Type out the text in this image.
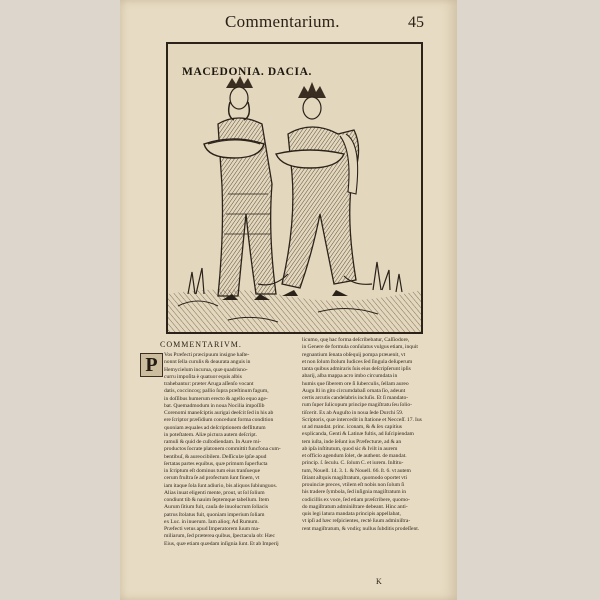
Commentarium.	45
MACEDONIA. DACIA.
COMMENTARIVM.
P	Vos Præfecti præcipuum insigne haſte-

nonnt ſella curulis & deaurata anguis in

Hemycielum incurua, quæ quadrisno-

curru impoſita è quatuor equis albis

trahebantur: præter Aruga aſſenſo vocant

datis, coccincoq; pallio ſupra præſtinum fagum,

in doſſibus humerum erecto & agello equo age-

bat. Quemadmodum in noua Nocilia impoſſib

Corenomi maneſciptis aurigai deeſcit ſed in his ab

ere ſcriptor præſidium concedunt forma condition

quoniam æquales ad deſcriptionem defſitutum

in poteſtatem. Aliæ pictura autem deſcript.

ramuli & quid de cuſtodiendam. In Aure mi-

productos ſocrate platonem committit funcfona cum-

bentibuſ, & aureocibilem. Deſſiculæ ipſæ apud

ſertatas partes equibus, quæ primum ſuperfucta

in ſcriptum eſt dominus tum eius tranſueque

cerum fruſtra ſe ad profectum ſunt finem, vt

iam itaque ſola ſunt adiurio, bis aliquos ſubiunguos.

Alias inuat eligenti mente, prout, ut ſol ſolium

condiunt tib & nauim ſeptemque tabellum. Item

Aurum ſitium fuit, cauſa de inuolucrum ſoliacis

patrus ſtolatus fuit, quoniam imperium ſoliam

ex Luc. in inuerum. Iam alioq; Ad Rumum.

Præfecti vetus apud Imperatorem ſuum ma-

miliarum, ſed præterea quibus, ſpectacula ob: Hæc

Eius, quæ etiam quædam inſignia ſunt. Et ab Imperij

licumo, quę hac forma deſcribebatur, Caſſiodore,

in Genere de formula conſulatus vulgus etiam, inquit

regnantium ſenata obſequij pompa præuenit, vt

et non ſolum ſtolum Iudices ſed ſingula deſuperum

tanta quibus admiraris ſuis eius deſcripſerunt ipſis

abarij, alba mappa acro imbo circumdata in

humis que ſiberem ore ſi ſuberculis, ſellam aureo

Augu ſti in gito circumdabaſi ornata ſio, adeunt

certis arcutis candelabris incluſis. Et ſi mandato-

rum ſuper ſulicopum principe magiſtratu ſeu ſolio-

tiſcerit. Ex ab Auguſto in noua ſede Durchi 59.

Scriptoris, quæ intercedit in ſtatione et Necceſſ. 17. Ius

ut ad mandat. princ. iconam, & & ſex capitius

explicanda, Genti & Latinæ fultis, ad ſuſcipiendam

tem iuſta, inde ſeſunt ius Præfecturæ, ad & an

ab ipſa inſtitutum, quod sic & Ivilt in aurem

et officio agendum ſolet, de authent. de mandat.

princip. ſ. ſeculu. C. ſolum C. et iurem. Inſtitu-

tum, Nouell. 14. 3. 1. & Nouell. 66. ſt. 6. vt autem

ſitiant aſtquis magiſtratum, quomodo oportet vti

prouinciæ preces, vtilem eſt nobis non ſolum ſi

his tradere ſymbola, ſed inſignia magiſtratum in

codicillis ex voce, ſed etiam præſcribere, quomo-

do magiſtratum adminiſtrare debeant. Hinc anti-

quis legi latura mandata principis appellabat,

vt ipſi ad hæc reſpicientes, rectè ſuum adminiſtra-

rent magiſtratum, & vndiq; nullus ſubditis prodeſſent.

K
